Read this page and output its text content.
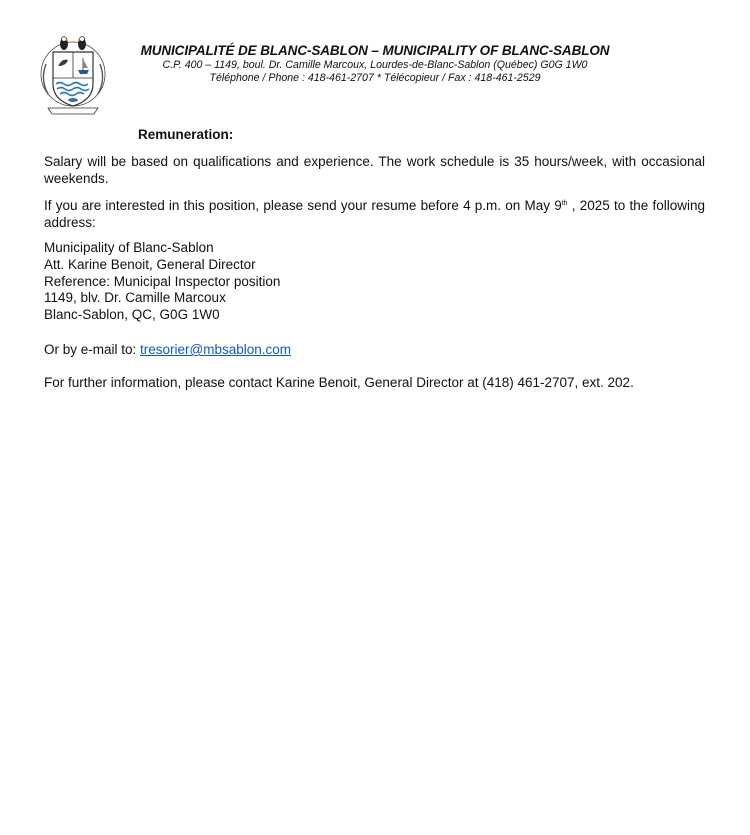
MUNICIPALITÉ DE BLANC-SABLON – MUNICIPALITY OF BLANC-SABLON
C.P. 400 – 1149, boul. Dr. Camille Marcoux, Lourdes-de-Blanc-Sablon (Québec) G0G 1W0
Téléphone / Phone : 418-461-2707 * Télécopieur / Fax : 418-461-2529
Remuneration:
Salary will be based on qualifications and experience. The work schedule is 35 hours/week, with occasional weekends.
If you are interested in this position, please send your resume before 4 p.m. on May 9th , 2025 to the following address:
Municipality of Blanc-Sablon
Att. Karine Benoit, General Director
Reference: Municipal Inspector position
1149, blv. Dr. Camille Marcoux
Blanc-Sablon, QC, G0G 1W0
Or by e-mail to: tresorier@mbsablon.com
For further information, please contact Karine Benoit, General Director at (418) 461-2707, ext. 202.
